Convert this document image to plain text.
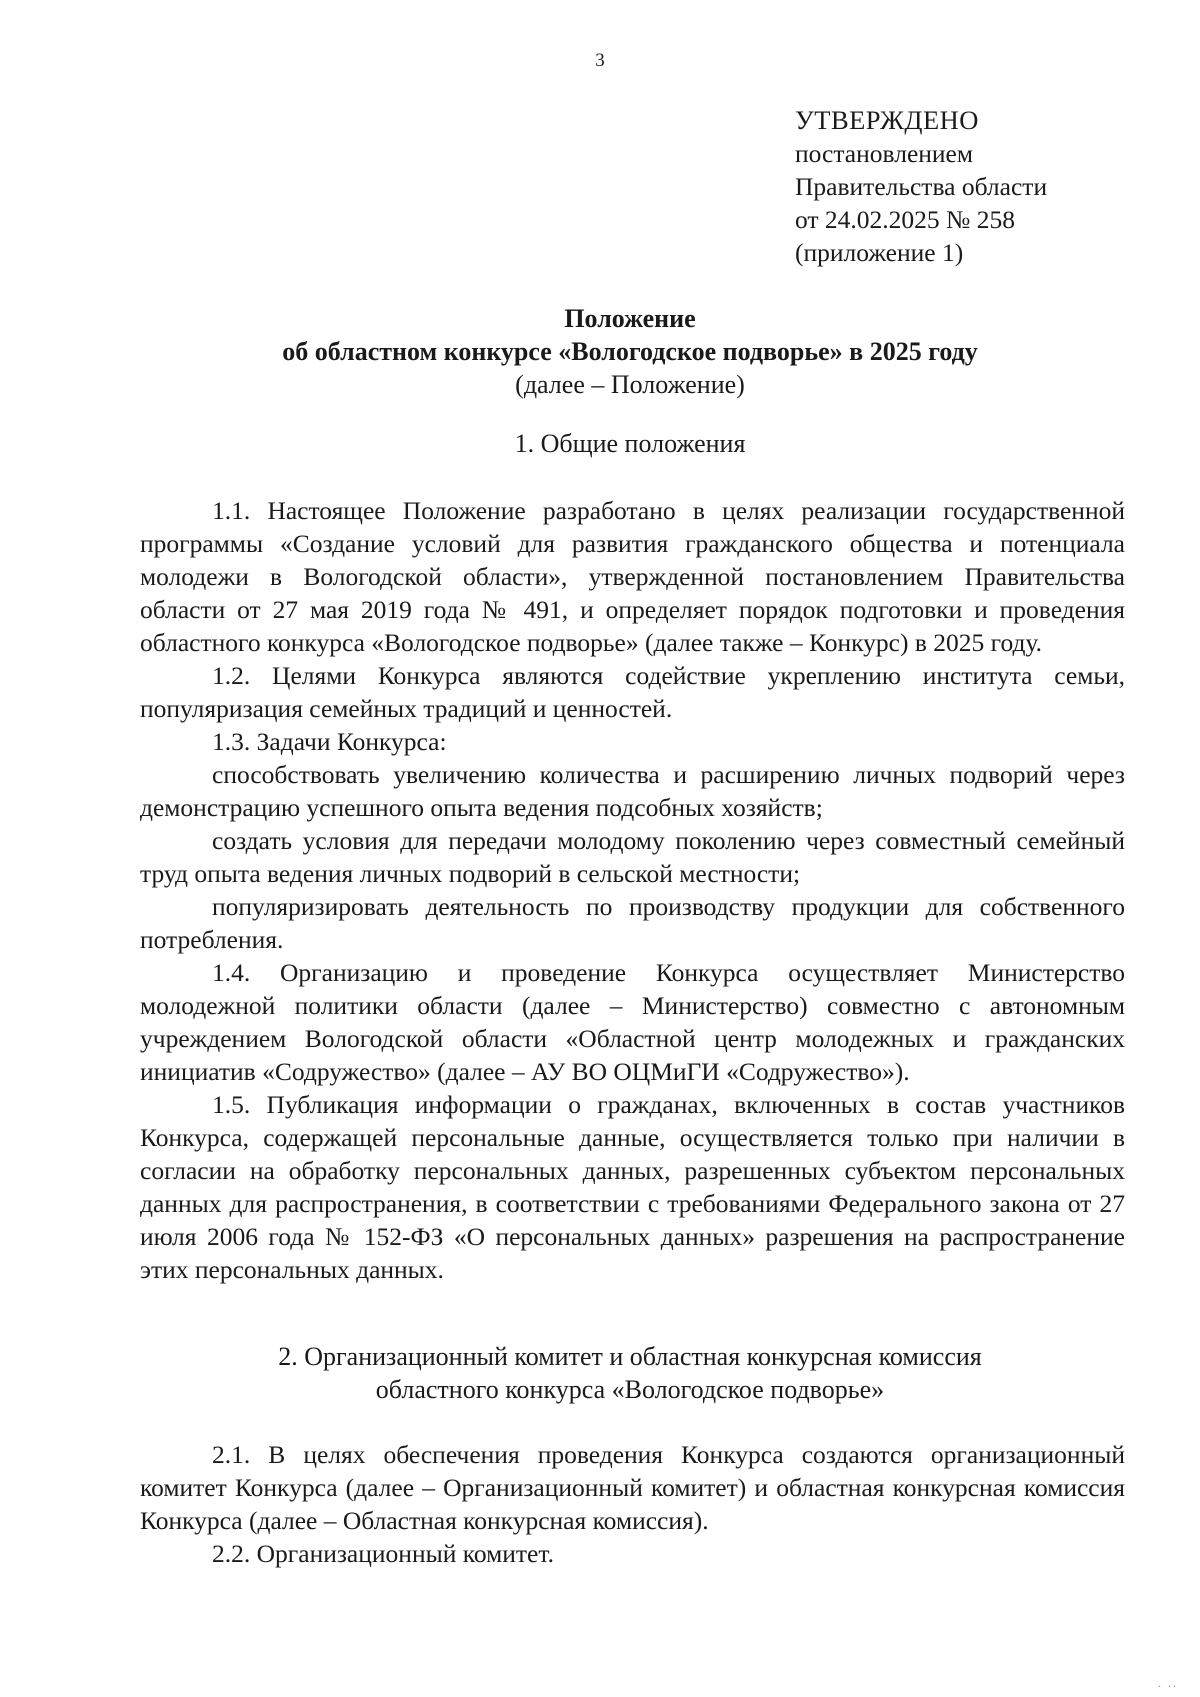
3
УТВЕРЖДЕНО
постановлением
Правительства области
от 24.02.2025 № 258
(приложение 1)
Положение
об областном конкурсе «Вологодское подворье» в 2025 году
(далее – Положение)
1. Общие положения

1.1. Настоящее Положение разработано в целях реализации государственной программы «Создание условий для развития гражданского общества и потенциала молодежи в Вологодской области», утвержденной постановлением Правительства области от 27 мая 2019 года № 491, и определяет порядок подготовки и проведения областного конкурса «Вологодское подворье» (далее также – Конкурс) в 2025 году.

1.2. Целями Конкурса являются содействие укреплению института семьи, популяризация семейных традиций и ценностей.

1.3. Задачи Конкурса:

способствовать увеличению количества и расширению личных подворий через демонстрацию успешного опыта ведения подсобных хозяйств;

создать условия для передачи молодому поколению через совместный семейный труд опыта ведения личных подворий в сельской местности;

популяризировать деятельность по производству продукции для собственного потребления.

1.4. Организацию и проведение Конкурса осуществляет Министерство молодежной политики области (далее – Министерство) совместно с автономным учреждением Вологодской области «Областной центр молодежных и гражданских инициатив «Содружество» (далее – АУ ВО ОЦМиГИ «Содружество»).

1.5. Публикация информации о гражданах, включенных в состав участников Конкурса, содержащей персональные данные, осуществляется только при наличии в согласии на обработку персональных данных, разрешенных субъектом персональных данных для распространения, в соответствии с требованиями Федерального закона от 27 июля 2006 года № 152-ФЗ «О персональных данных» разрешения на распространение этих персональных данных.

2. Организационный комитет и областная конкурсная комиссия
областного конкурса «Вологодское подворье»

2.1. В целях обеспечения проведения Конкурса создаются организационный комитет Конкурса (далее – Организационный комитет) и областная конкурсная комиссия Конкурса (далее – Областная конкурсная комиссия).

2.2. Организационный комитет.

. ..
